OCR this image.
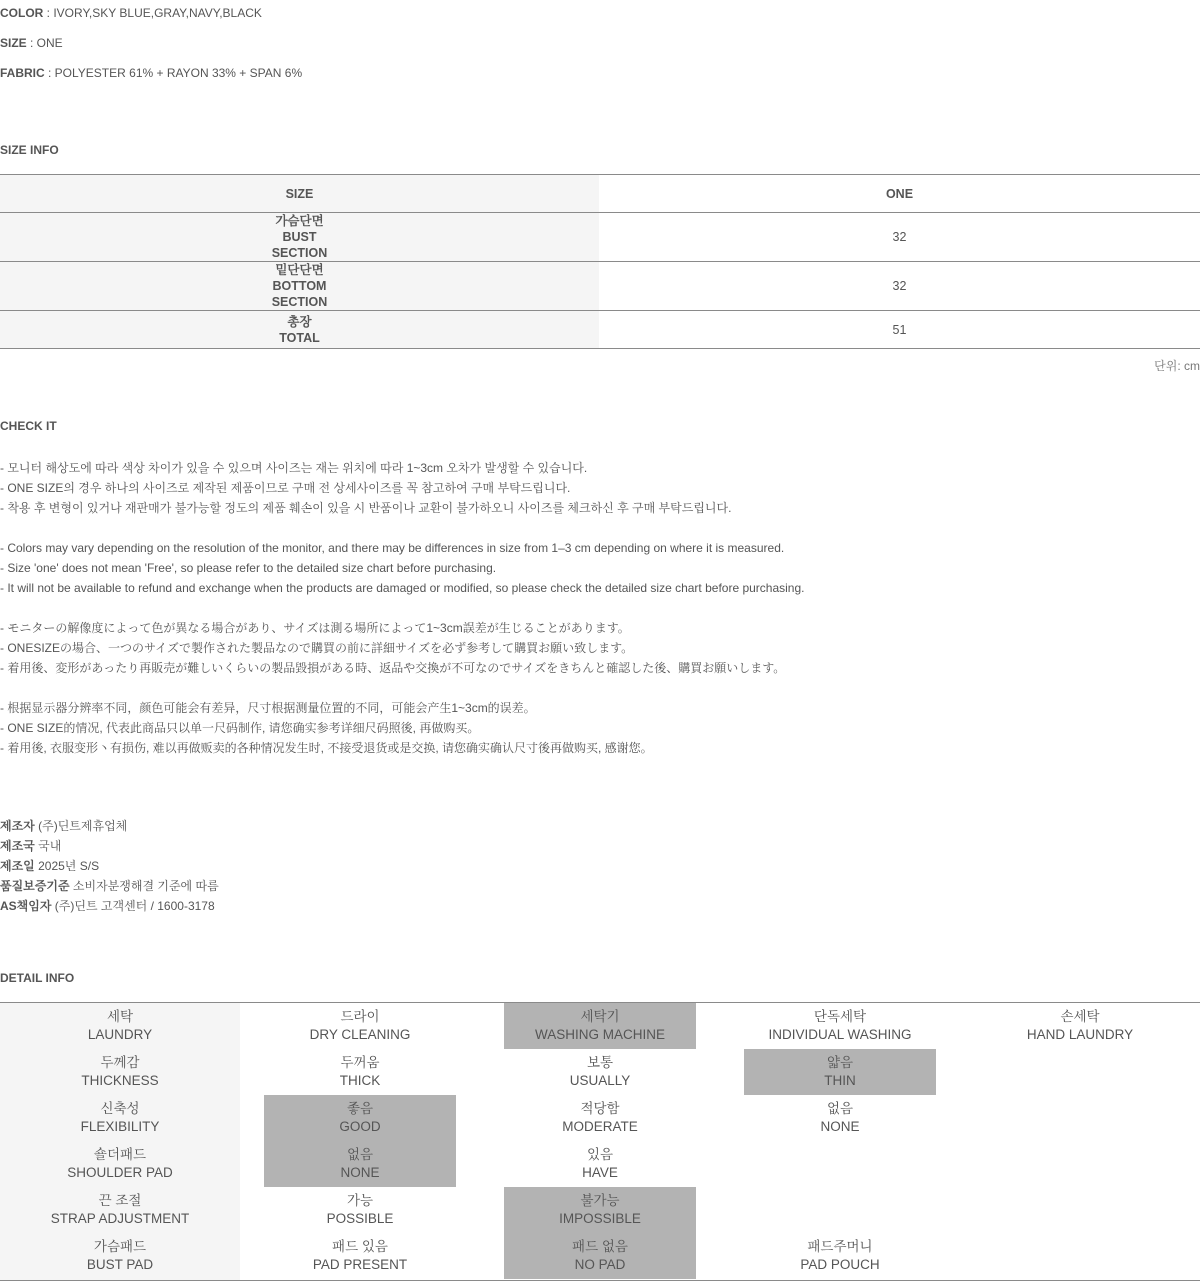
COLOR : IVORY,SKY BLUE,GRAY,NAVY,BLACK
SIZE : ONE
FABRIC : POLYESTER 61% + RAYON 33% + SPAN 6%
SIZE INFO
SIZE	ONE
가슴단면
BUST
SECTION
32
밑단단면
BOTTOM
SECTION
32
총장
TOTAL
51
단위: cm
CHECK IT
- 모니터 해상도에 따라 색상 차이가 있을 수 있으며 사이즈는 재는 위치에 따라 1~3cm 오차가 발생할 수 있습니다.
- ONE SIZE의 경우 하나의 사이즈로 제작된 제품이므로 구매 전 상세사이즈를 꼭 참고하여 구매 부탁드립니다.
- 착용 후 변형이 있거나 재판매가 불가능할 정도의 제품 훼손이 있을 시 반품이나 교환이 불가하오니 사이즈를 체크하신 후 구매 부탁드립니다.
- Colors may vary depending on the resolution of the monitor, and there may be differences in size from 1–3 cm depending on where it is measured.
- Size 'one' does not mean 'Free', so please refer to the detailed size chart before purchasing.
- It will not be available to refund and exchange when the products are damaged or modified, so please check the detailed size chart before purchasing.
- モニターの解像度によって色が異なる場合があり、サイズは測る場所によって1~3cm誤差が生じることがあります。
- ONESIZEの場合、一つのサイズで製作された製品なので購買の前に詳細サイズを必ず参考して購買お願い致します。
- 着用後、変形があったり再販売が難しいくらいの製品毀損がある時、返品や交換が不可なのでサイズをきちんと確認した後、購買お願いします。
- 根据显示器分辨率不同，颜色可能会有差异，尺寸根据测量位置的不同，可能会产生1~3cm的误差。
- ONE SIZE的情况, 代表此商品只以单一尺码制作, 请您确实参考详细尺码照後, 再做购买。
- 着用後, 衣服变形丶有损伤, 难以再做贩卖的各种情况发生时, 不接受退货或是交换, 请您确实确认尺寸後再做购买, 感谢您。
제조자 (주)딘트제휴업체
제조국 국내
제조일 2025년 S/S
품질보증기준 소비자분쟁해결 기준에 따름
AS책임자 (주)딘트 고객센터 / 1600-3178
DETAIL INFO
세탁
LAUNDRY
드라이
DRY CLEANING
세탁기
WASHING MACHINE
단독세탁
INDIVIDUAL WASHING
손세탁
HAND LAUNDRY
두께감
THICKNESS
두꺼움
THICK
보통
USUALLY
얇음
THIN
신축성
FLEXIBILITY
좋음
GOOD
적당함
MODERATE
없음
NONE
숄더패드
SHOULDER PAD
없음
NONE
있음
HAVE
끈 조절
STRAP ADJUSTMENT
가능
POSSIBLE
불가능
IMPOSSIBLE
가슴패드
BUST PAD
패드 있음
PAD PRESENT
패드 없음
NO PAD
패드주머니
PAD POUCH
